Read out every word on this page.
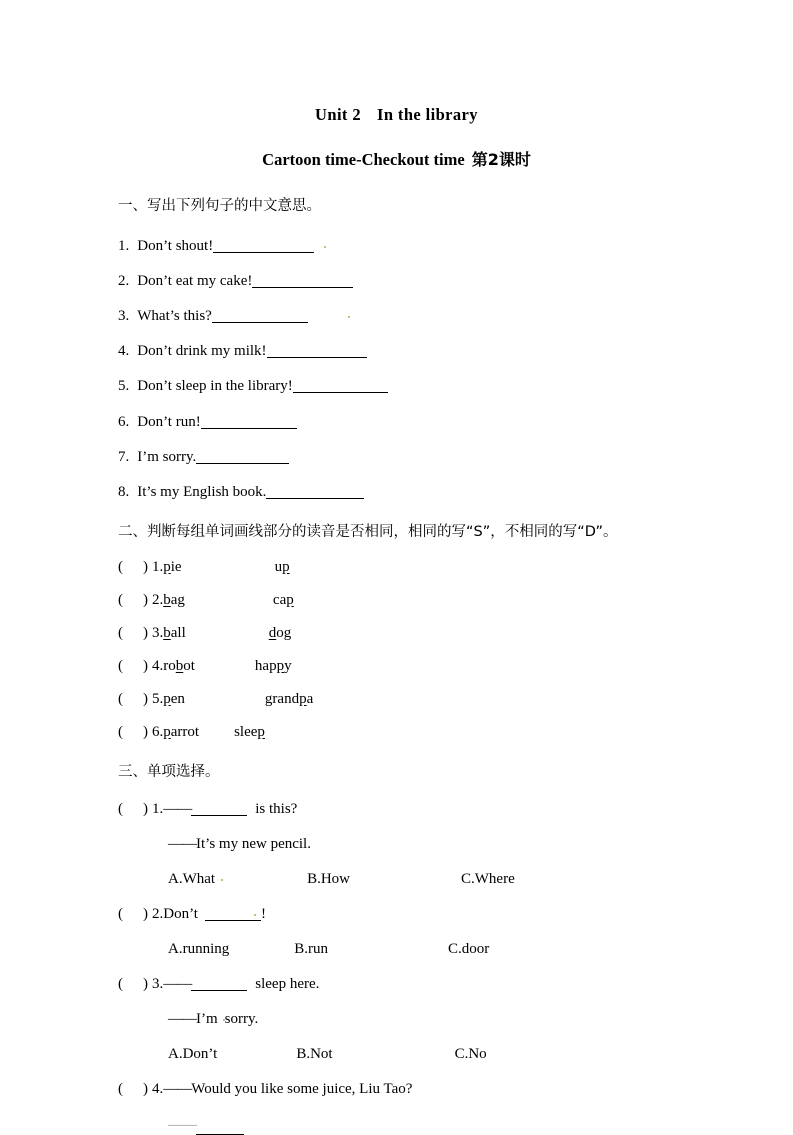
Unit 2 In the library
Cartoon time-Checkout time 第2课时
一、写出下列句子的中文意思。
1. Don’t shout!
2. Don’t eat my cake!
3. What’s this?
4. Don’t drink my milk!
5. Don’t sleep in the library!
6. Don’t run!
7. I’m sorry.
8. It’s my English book.
二、判断每组单词画线部分的读音是否相同，相同的写“S”，不相同的写“D”。
( ) 1.pie	up
( ) 2.bag	cap
( ) 3.ball	dog
( ) 4.robot	happy
( ) 5.pen	grandpa
( ) 6.parrot sleep
三、单项选择。
( ) 1.——	is this?
——It’s my new pencil.
A.What	B.How	C.Where
( ) 2.Don’t	!
A.running	B.run	C.door
( ) 3.——	sleep here.
——I’m sorry.
A.Don’t	B.Not	C.No
( ) 4.——Would you like some juice, Liu Tao?
——
